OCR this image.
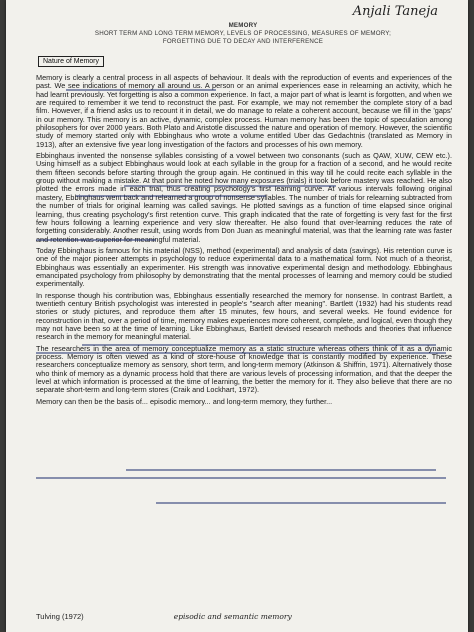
Anjali Taneja
MEMORY
SHORT TERM AND LONG TERM MEMORY, LEVELS OF PROCESSING, MEASURES OF MEMORY;
FORGETTING DUE TO DECAY AND INTERFERENCE
Nature of Memory

Memory is clearly a central process in all aspects of behaviour. It deals with the reproduction of events and experiences of the past. We see indications of memory all around us. A person or an animal experiences ease in relearning an activity, which he had learnt previously. Yet forgetting is also a common experience. In fact, a major part of what is learnt is forgotten, and when we are required to remember it we tend to reconstruct the past. For example, we may not remember the complete story of a bad film. However, if a friend asks us to recount it in detail, we do manage to relate a coherent account, because we fill in the 'gaps' in our memory. This memory is an active, dynamic, complex process. Human memory has been the topic of speculation among philosophers for over 2000 years. Both Plato and Aristotle discussed the nature and operation of memory. However, the scientific study of memory started only with Ebbinghaus who wrote a volume entitled Uber das Gedachtnis (translated as Memory in 1913), after an extensive five year long investigation of the factors and processes of his own memory.

Ebbinghaus invented the nonsense syllables consisting of a vowel between two consonants (such as QAW, XUW, CEW etc.). Using himself as a subject Ebbinghaus would look at each syllable in the group for a fraction of a second, and he would recite them fifteen seconds before starting through the group again. He continued in this way till he could recite each syllable in the group without making a mistake. At that point he noted how many exposures (trials) it took before mastery was reached. He also plotted the errors made in each trial, thus creating psychology's first learning curve. At various intervals following original mastery, Ebbinghaus went back and relearned a group of nonsense syllables. The number of trials for relearning subtracted from the number of trials for original learning was called savings. He plotted savings as a function of time elapsed since original learning, thus creating psychology's first retention curve. This graph indicated that the rate of forgetting is very fast for the first few hours following a learning experience and very slow thereafter. He also found that over-learning reduces the rate of forgetting considerably. Another result, using words from Don Juan as meaningful material, was that the learning rate was faster and retention was superior for meaningful material.

Today Ebbinghaus is famous for his material (NSS), method (experimental) and analysis of data (savings). His retention curve is one of the major pioneer attempts in psychology to reduce experimental data to a mathematical form. Not much of a theorist, Ebbinghaus was essentially an experimenter. His strength was innovative experimental design and methodology. Ebbinghaus emancipated psychology from philosophy by demonstrating that the mental processes of learning and memory could be studied experimentally.

In response though his contribution was, Ebbinghaus essentially researched the memory for nonsense. In contrast Bartlett, a twentieth century British psychologist was interested in people's "search after meaning". Bartlett (1932) had his students read stories or study pictures, and reproduce them after 15 minutes, few hours, and several weeks. He found evidence for reconstruction in that, over a period of time, memory makes experiences more coherent, complete, and logical, even though they may not have been so at the time of learning. Like Ebbinghaus, Bartlett devised research methods and theories that influence research in the memory for meaningful material.

The researchers in the area of memory conceptualize memory as a static structure whereas others think of it as a dynamic process. Memory is often viewed as a kind of store-house of knowledge that is constantly modified by experience. These researchers conceptualize memory as sensory, short term, and long-term memory (Atkinson & Shiffrin, 1971). Alternatively those who think of memory as a dynamic process hold that there are various levels of processing information, and that the deeper the level at which information is processed at the time of learning, the better the memory for it. They also believe that there are no separate short-term and long-term stores (Craik and Lockhart, 1972).

Memory can then be the basis of... episodic memory... and long-term memory, they further...

Tulving (1972)	episodic and semantic memory
